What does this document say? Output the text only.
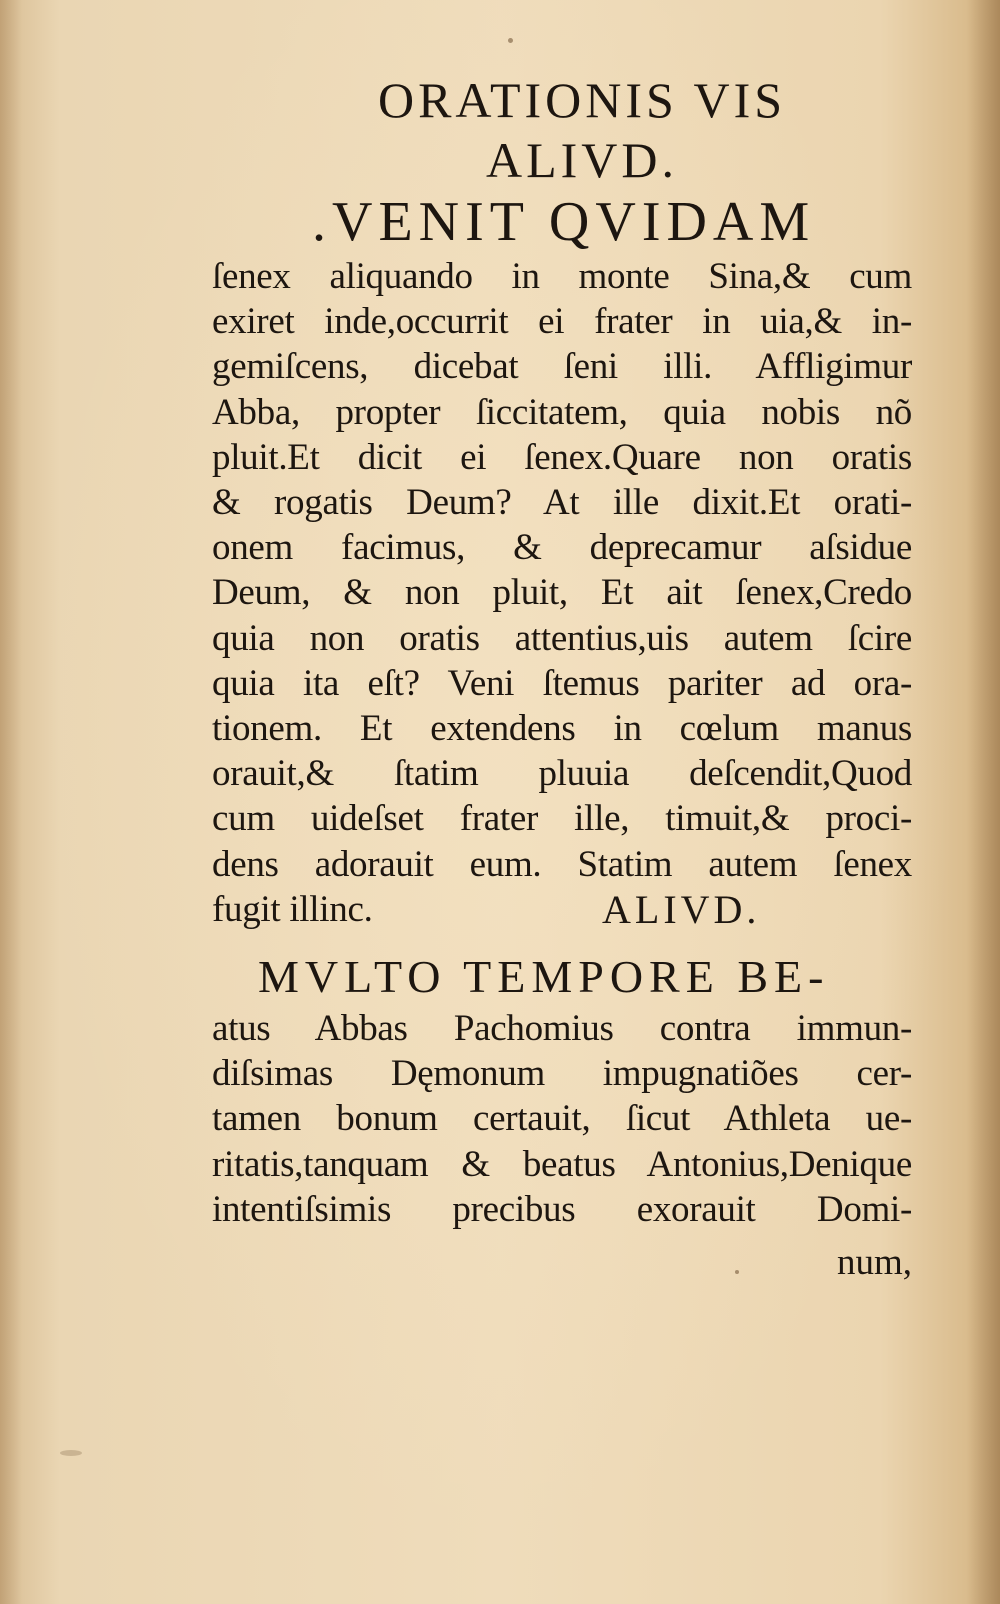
ORATIONIS VIS
ALIVD.
.VENIT QVIDAM
ſenex aliquando in monte Sina,& cum
exiret inde,occurrit ei frater in uia,& in-
gemiſcens, dicebat ſeni illi. Affligimur
Abba, propter ſiccitatem, quia nobis nõ
pluit.Et dicit ei ſenex.Quare non oratis
& rogatis Deum? At ille dixit.Et orati-
onem facimus, & deprecamur aſsidue
Deum, & non pluit, Et ait ſenex,Credo
quia non oratis attentius,uis autem ſcire
quia ita eſt? Veni ſtemus pariter ad ora-
tionem. Et extendens in cœlum manus
orauit,& ſtatim pluuia deſcendit,Quod
cum uideſset frater ille, timuit,& proci-
dens adorauit eum. Statim autem ſenex
fugit illinc.	ALIVD.
MVLTO TEMPORE BE-
atus Abbas Pachomius contra immun-
diſsimas Dęmonum impugnatiões cer-
tamen bonum certauit, ſicut Athleta ue-
ritatis,tanquam & beatus Antonius,Denique
intentiſsimis precibus exorauit Domi-
num,
